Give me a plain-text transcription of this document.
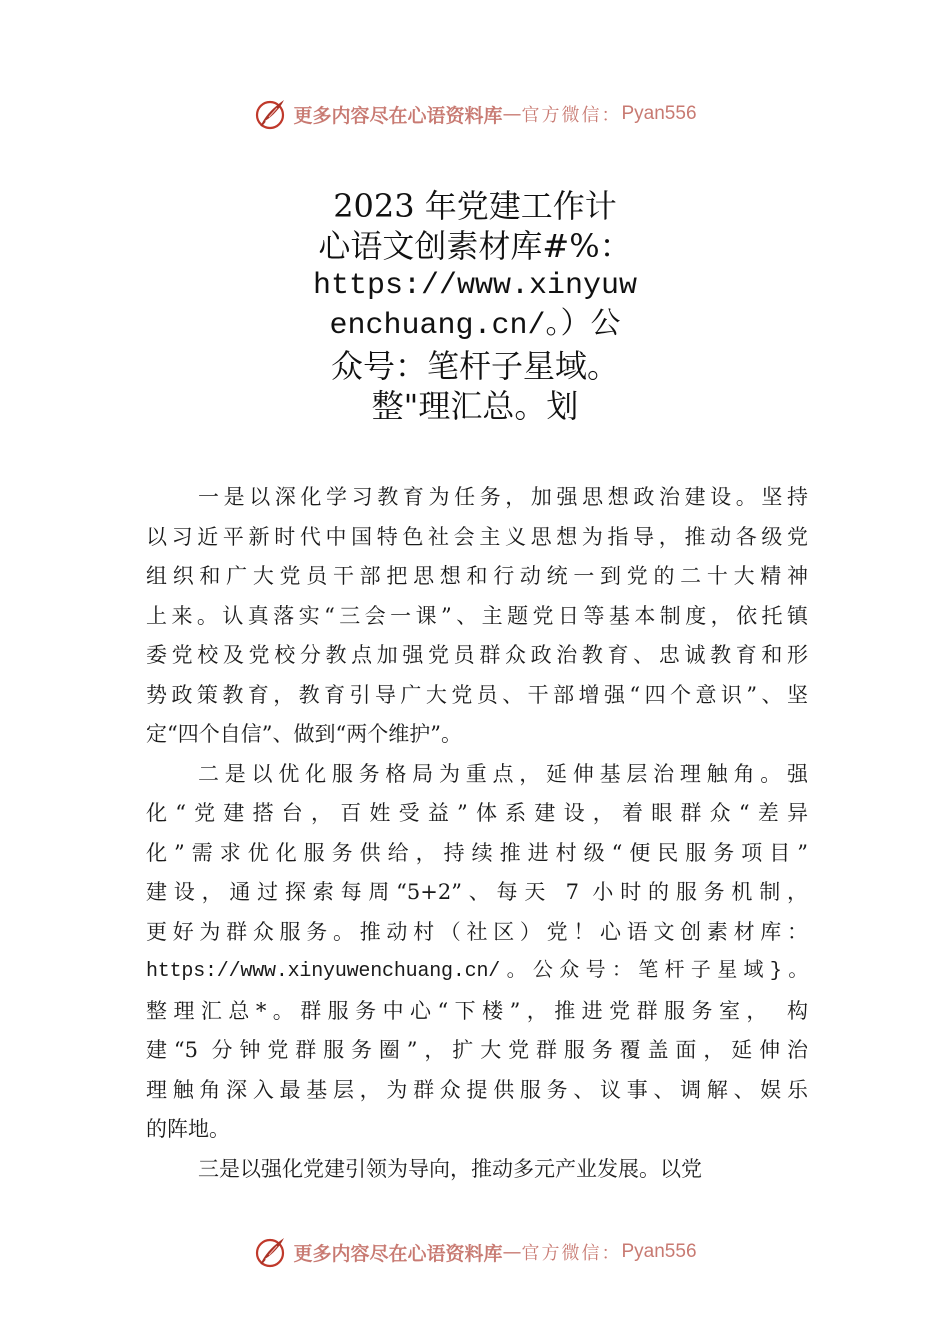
更多内容尽在心语资料库 — 官方微信： Pyan556
2023 年党建工作计
心语文创素材库#%：
https://www.xinyuw
enchuang.cn/。）公
众号：笔杆子星域。
整"理汇总。划
一是以深化学习教育为任务，加强思想政治建设。坚持
以习近平新时代中国特色社会主义思想为指导，推动各级党
组织和广大党员干部把思想和行动统一到党的二十大精神
上来。认真落实“三会一课”、主题党日等基本制度，依托镇
委党校及党校分教点加强党员群众政治教育、忠诚教育和形
势政策教育，教育引导广大党员、干部增强“四个意识”、坚
定“四个自信”、做到“两个维护”。
二是以优化服务格局为重点，延伸基层治理触角。强
化“党建搭台，百姓受益”体系建设，着眼群众“差异
化”需求优化服务供给，持续推进村级“便民服务项目”
建设，通过探索每周“5+2”、每天 7 小时的服务机制，
更好为群众服务。推动村（社区）党！心语文创素材库：
https://www.xinyuwenchuang.cn/。公众号：笔杆子星域}。
整理汇总*。群服务中心“下楼”，推进党群服务室， 构
建“5 分钟党群服务圈”，扩大党群服务覆盖面，延伸治
理触角深入最基层，为群众提供服务、议事、调解、娱乐
的阵地。
三是以强化党建引领为导向，推动多元产业发展。以党
更多内容尽在心语资料库 — 官方微信： Pyan556
